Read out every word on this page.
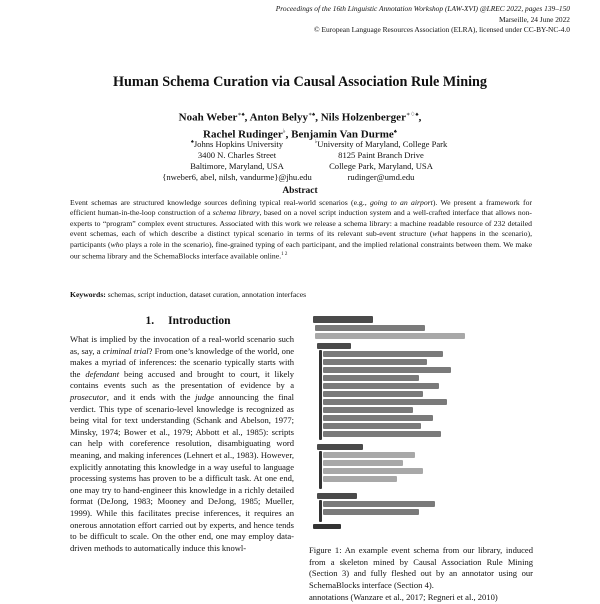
Proceedings of the 16th Linguistic Annotation Workshop (LAW-XVI) @LREC 2022, pages 139–150
Marseille, 24 June 2022
© European Language Resources Association (ELRA), licensed under CC-BY-NC-4.0
Human Schema Curation via Causal Association Rule Mining
Noah Weber∗♠, Anton Belyy∗♠, Nils Holzenberger∗♢♠,
Rachel Rudinger♭, Benjamin Van Durme♠
♠Johns Hopkins University
3400 N. Charles Street
Baltimore, Maryland, USA
{nweber6, abel, nilsh, vandurme}@jhu.edu
♭University of Maryland, College Park
8125 Paint Branch Drive
College Park, Maryland, USA
rudinger@umd.edu
Abstract
Event schemas are structured knowledge sources defining typical real-world scenarios (e.g., going to an airport). We present a framework for efficient human-in-the-loop construction of a schema library, based on a novel script induction system and a well-crafted interface that allows non-experts to “program” complex event structures. Associated with this work we release a schema library: a machine readable resource of 232 detailed event schemas, each of which describe a distinct typical scenario in terms of its relevant sub-event structure (what happens in the scenario), participants (who plays a role in the scenario), fine-grained typing of each participant, and the implied relational constraints between them. We make our schema library and the SchemaBlocks interface available online.$^{1 2}$
Keywords: schemas, script induction, dataset curation, annotation interfaces
1. Introduction
What is implied by the invocation of a real-world scenario such as, say, a criminal trial? From one’s knowledge of the world, one makes a myriad of inferences: the scenario typically starts with the defendant being accused and brought to court, it likely contains events such as the presentation of evidence by a prosecutor, and it ends with the judge announcing the final verdict. This type of scenario-level knowledge is recognized as being vital for text understanding (Schank and Abelson, 1977; Minsky, 1974; Bower et al., 1979; Abbott et al., 1985): scripts can help with coreference resolution, disambiguating word meaning, and making inferences (Lehnert et al., 1983). However, explicitly annotating this knowledge in a way useful to language processing systems has proven to be a difficult task. At one end, one may try to hand-engineer this knowledge in a richly detailed format (DeJong, 1983; Mooney and DeJong, 1985; Mueller, 1999). While this facilitates precise inferences, it requires an onerous annotation effort carried out by experts, and hence tends to be difficult to scale. On the other end, one may employ data-driven methods to automatically induce this knowl-	Figure 1: An example event schema from our library, induced from a skeleton mined by Causal Association Rule Mining (Section 3) and fully fleshed out by an annotator using our SchemaBlocks interface (Section 4).
annotations (Wanzare et al., 2017; Regneri et al., 2010)
